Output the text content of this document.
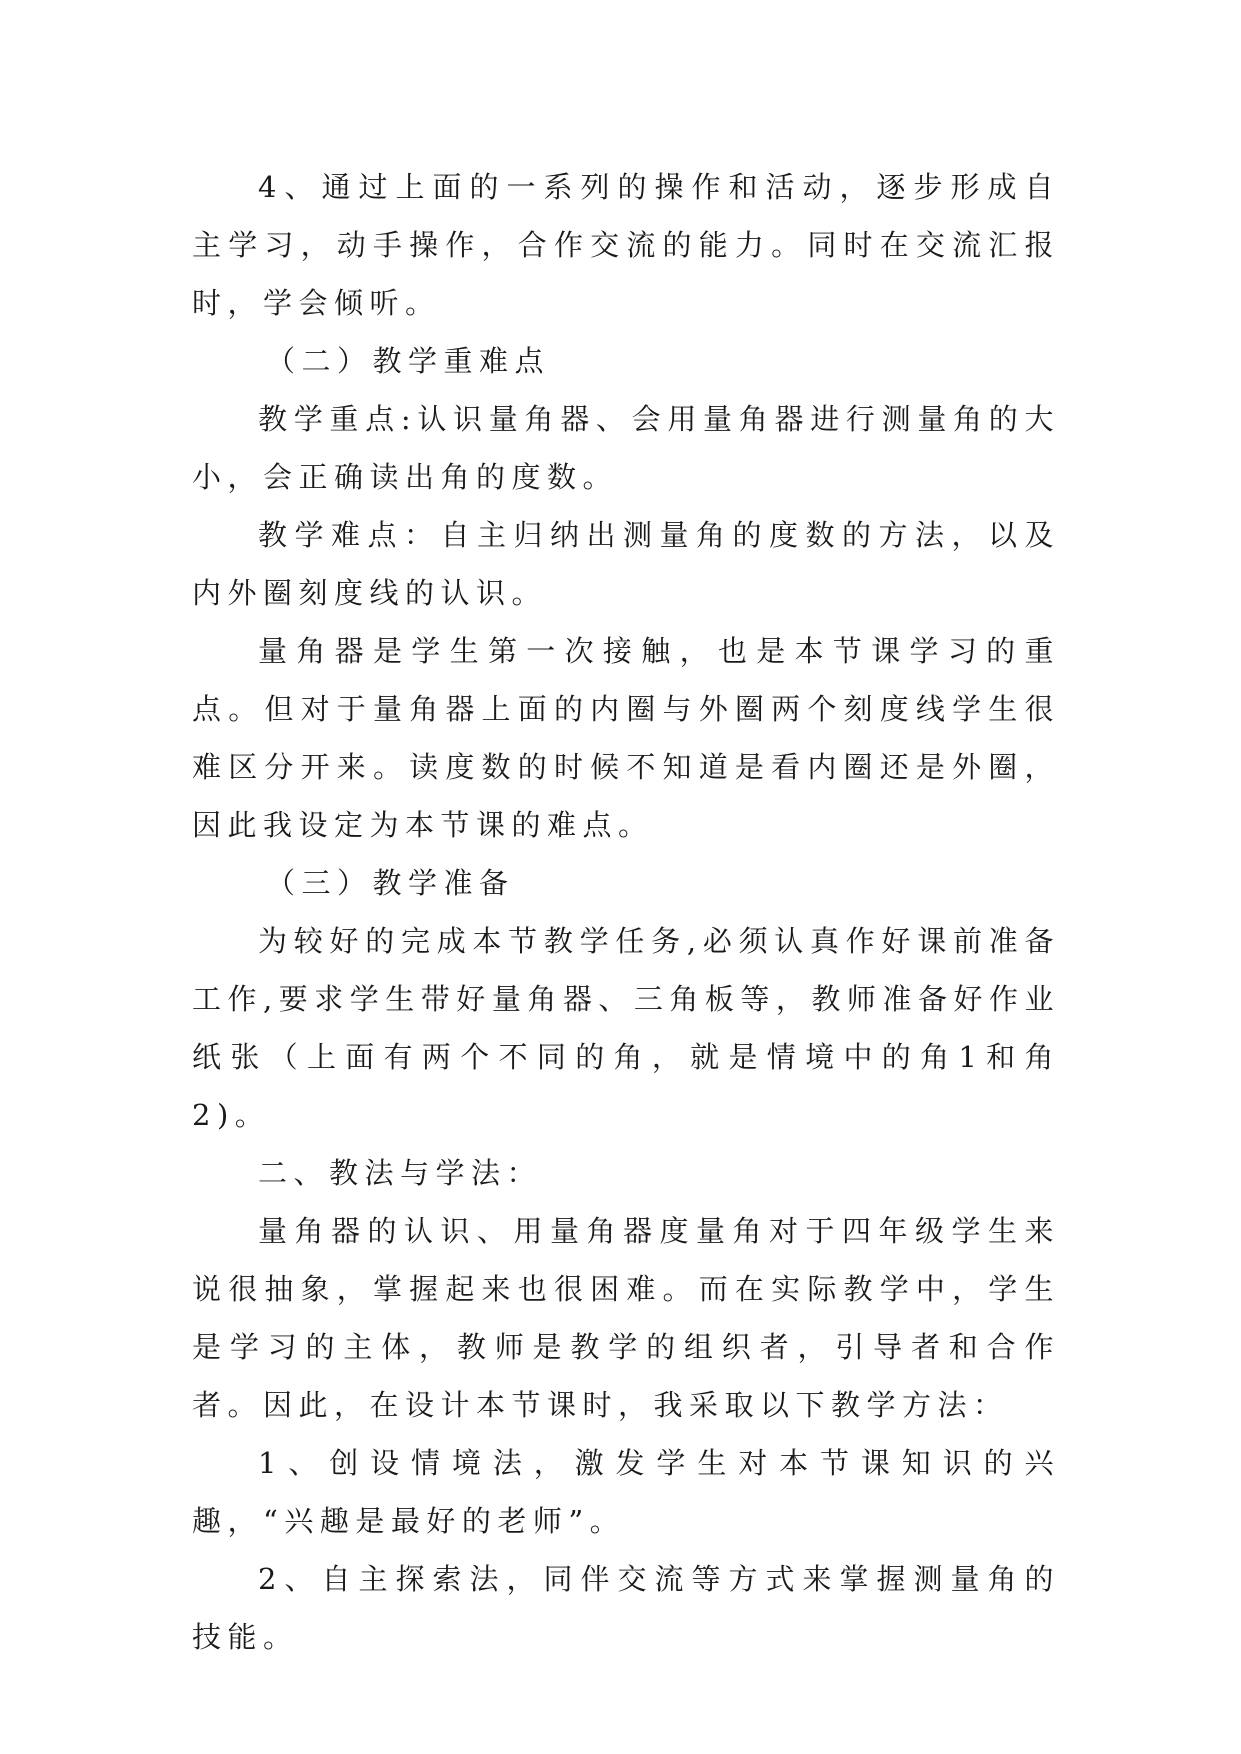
4、通过上面的一系列的操作和活动，逐步形成自主学习，动手操作，合作交流的能力。同时在交流汇报时，学会倾听。

（二）教学重难点

教学重点:认识量角器、会用量角器进行测量角的大小，会正确读出角的度数。

教学难点：自主归纳出测量角的度数的方法，以及内外圈刻度线的认识。

量角器是学生第一次接触，也是本节课学习的重点。但对于量角器上面的内圈与外圈两个刻度线学生很难区分开来。读度数的时候不知道是看内圈还是外圈，因此我设定为本节课的难点。

（三）教学准备

为较好的完成本节教学任务,必须认真作好课前准备工作,要求学生带好量角器、三角板等，教师准备好作业纸张（上面有两个不同的角，就是情境中的角1和角2)。

二、教法与学法：

量角器的认识、用量角器度量角对于四年级学生来说很抽象，掌握起来也很困难。而在实际教学中，学生是学习的主体，教师是教学的组织者，引导者和合作者。因此，在设计本节课时，我采取以下教学方法：

1、创设情境法，激发学生对本节课知识的兴趣，“兴趣是最好的老师”。

2、自主探索法，同伴交流等方式来掌握测量角的技能。
